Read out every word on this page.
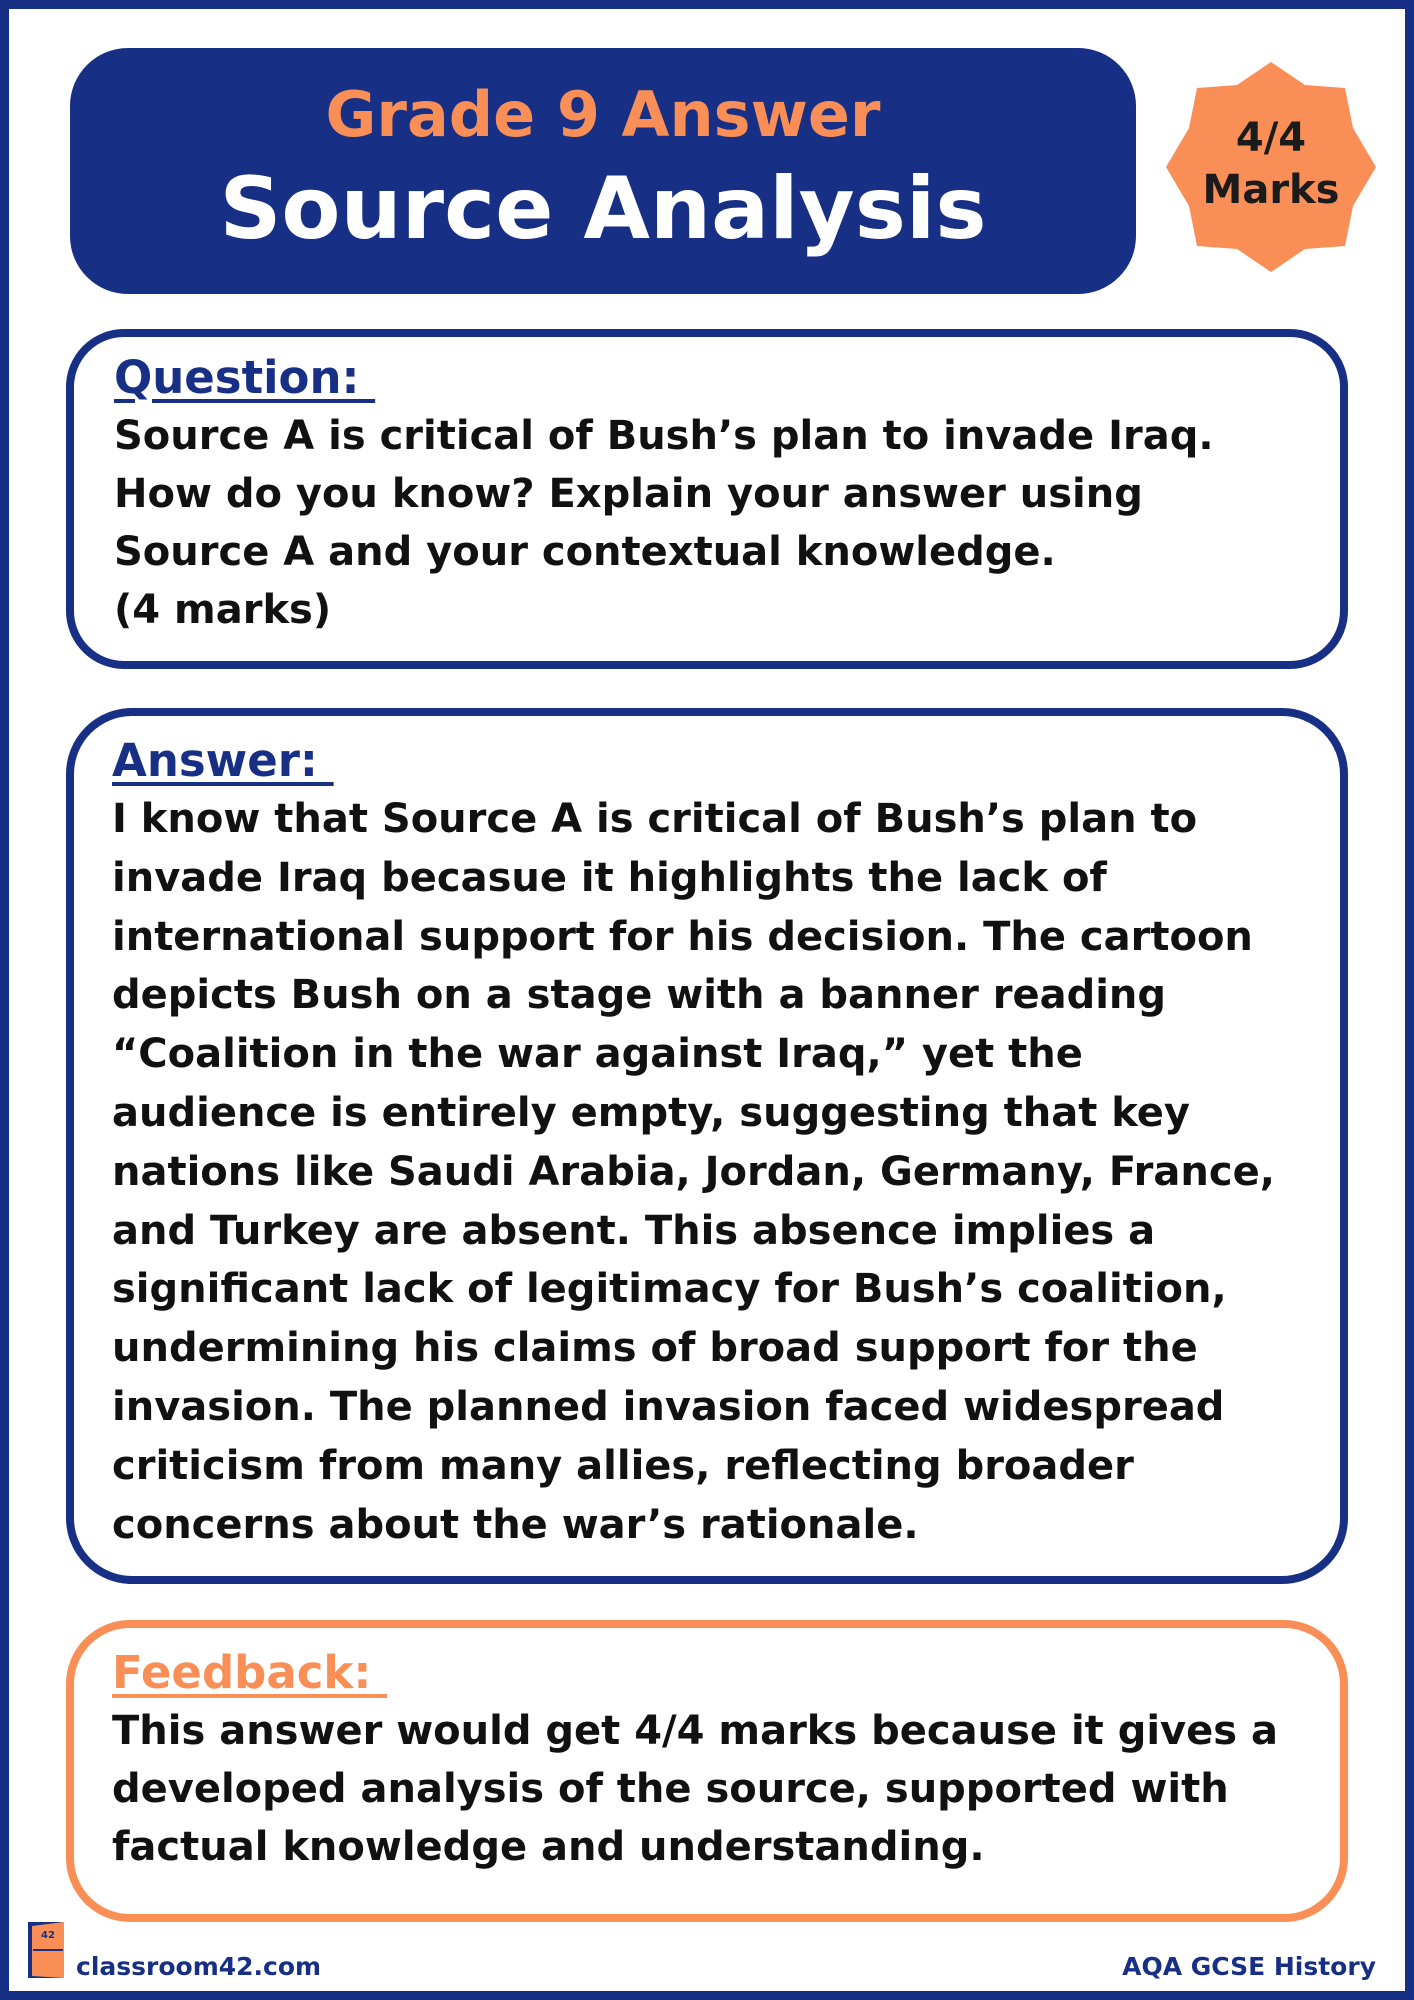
Grade 9 Answer
Source Analysis
4/4
Marks
Question:
Source A is critical of Bush’s plan to invade Iraq. How do you know? Explain your answer using Source A and your contextual knowledge.
(4 marks)
Answer:
I know that Source A is critical of Bush’s plan to invade Iraq becasue it highlights the lack of international support for his decision. The cartoon depicts Bush on a stage with a banner reading “Coalition in the war against Iraq,” yet the audience is entirely empty, suggesting that key nations like Saudi Arabia, Jordan, Germany, France, and Turkey are absent. This absence implies a significant lack of legitimacy for Bush’s coalition, undermining his claims of broad support for the invasion. The planned invasion faced widespread criticism from many allies, reflecting broader concerns about the war’s rationale.
Feedback:
This answer would get 4/4 marks because it gives a developed analysis of the source, supported with factual knowledge and understanding.
42
classroom42.com	AQA GCSE History
